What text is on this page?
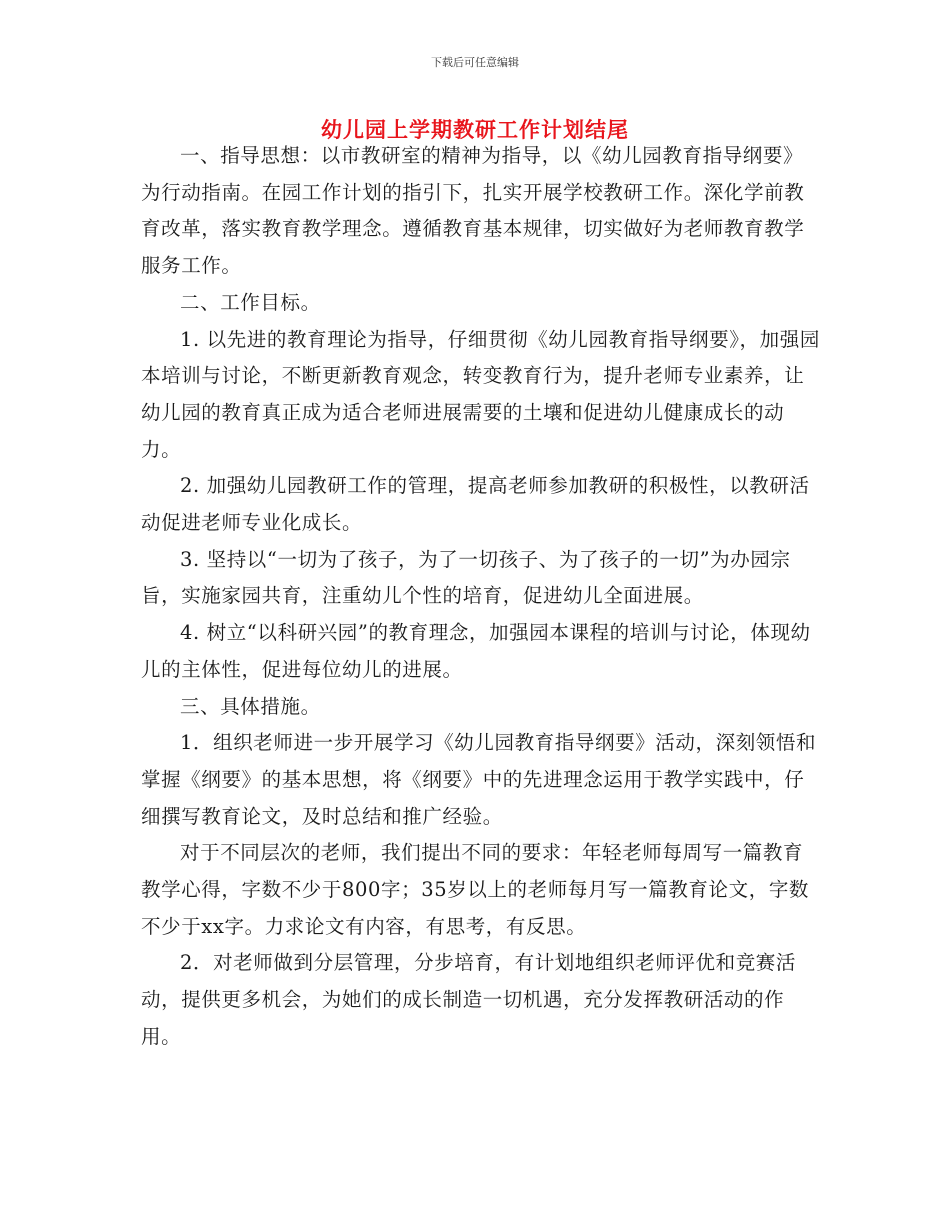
下载后可任意编辑
幼儿园上学期教研工作计划结尾

一、指导思想：以市教研室的精神为指导，以《幼儿园教育指导纲要》为行动指南。在园工作计划的指引下，扎实开展学校教研工作。深化学前教育改革，落实教育教学理念。遵循教育基本规律，切实做好为老师教育教学服务工作。

二、工作目标。

1. 以先进的教育理论为指导，仔细贯彻《幼儿园教育指导纲要》，加强园本培训与讨论，不断更新教育观念，转变教育行为，提升老师专业素养，让幼儿园的教育真正成为适合老师进展需要的土壤和促进幼儿健康成长的动力。

2. 加强幼儿园教研工作的管理，提高老师参加教研的积极性，以教研活动促进老师专业化成长。

3. 坚持以“一切为了孩子，为了一切孩子、为了孩子的一切”为办园宗旨，实施家园共育，注重幼儿个性的培育，促进幼儿全面进展。

4. 树立“以科研兴园”的教育理念，加强园本课程的培训与讨论，体现幼儿的主体性，促进每位幼儿的进展。

三、具体措施。

1．组织老师进一步开展学习《幼儿园教育指导纲要》活动，深刻领悟和掌握《纲要》的基本思想，将《纲要》中的先进理念运用于教学实践中，仔细撰写教育论文，及时总结和推广经验。

对于不同层次的老师，我们提出不同的要求：年轻老师每周写一篇教育教学心得，字数不少于800字；35岁以上的老师每月写一篇教育论文，字数不少于xx字。力求论文有内容，有思考，有反思。

2．对老师做到分层管理，分步培育，有计划地组织老师评优和竞赛活动，提供更多机会，为她们的成长制造一切机遇，充分发挥教研活动的作用。
